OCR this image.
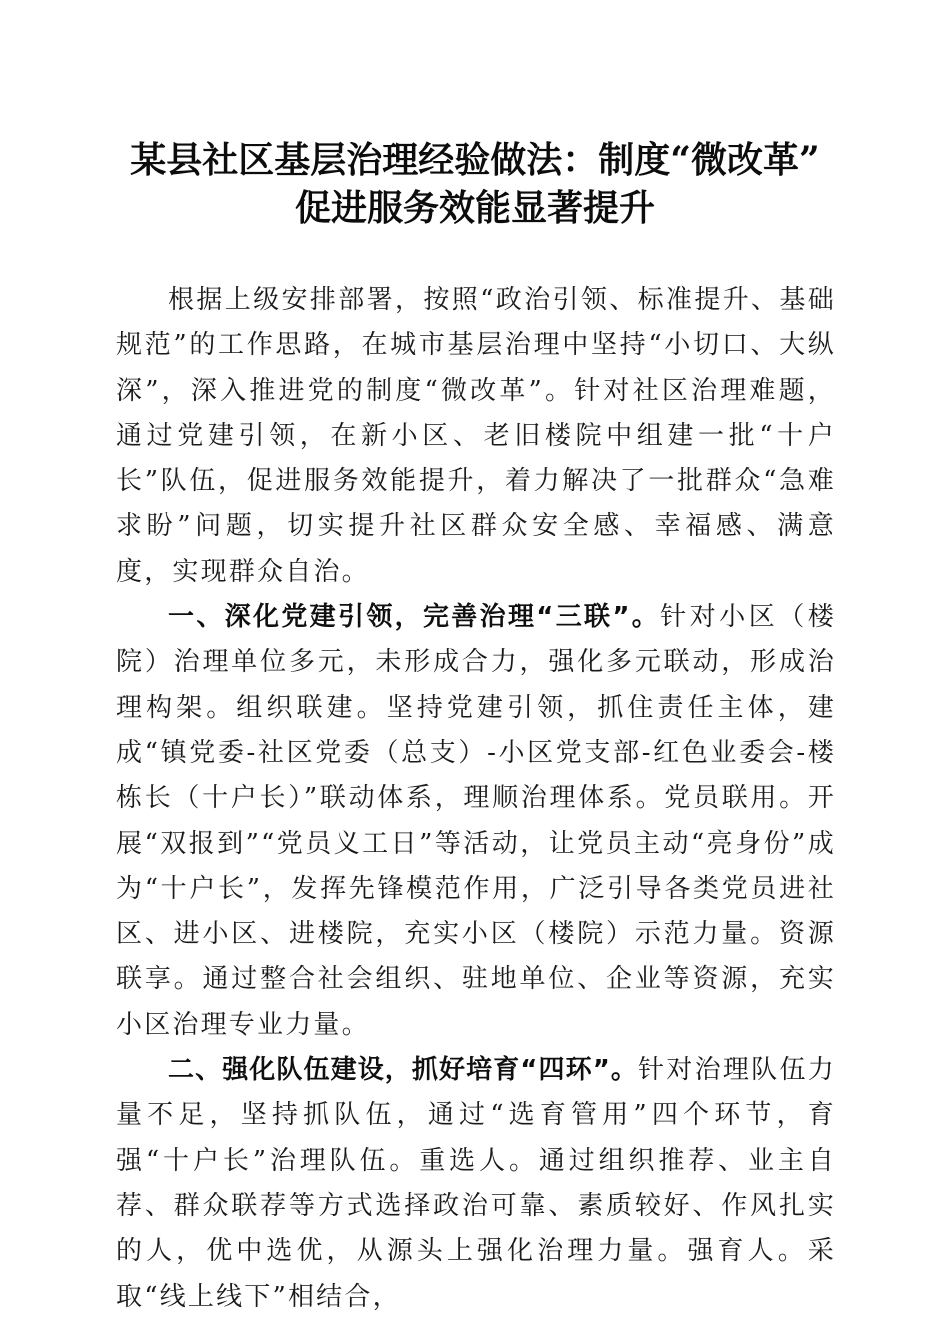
某县社区基层治理经验做法：制度“微改革”
促进服务效能显著提升

根据上级安排部署，按照“政治引领、标准提升、基础规范”的工作思路，在城市基层治理中坚持“小切口、大纵深”，深入推进党的制度“微改革”。针对社区治理难题，通过党建引领，在新小区、老旧楼院中组建一批“十户长”队伍，促进服务效能提升，着力解决了一批群众“急难求盼”问题，切实提升社区群众安全感、幸福感、满意度，实现群众自治。

一、深化党建引领，完善治理“三联”。针对小区（楼院）治理单位多元，未形成合力，强化多元联动，形成治理构架。组织联建。坚持党建引领，抓住责任主体，建成“镇党委-社区党委（总支）-小区党支部-红色业委会-楼栋长（十户长）”联动体系，理顺治理体系。党员联用。开展“双报到”“党员义工日”等活动，让党员主动“亮身份”成为“十户长”，发挥先锋模范作用，广泛引导各类党员进社区、进小区、进楼院，充实小区（楼院）示范力量。资源联享。通过整合社会组织、驻地单位、企业等资源，充实小区治理专业力量。

二、强化队伍建设，抓好培育“四环”。针对治理队伍力量不足，坚持抓队伍，通过“选育管用”四个环节，育强“十户长”治理队伍。重选人。通过组织推荐、业主自荐、群众联荐等方式选择政治可靠、素质较好、作风扎实的人，优中选优，从源头上强化治理力量。强育人。采取“线上线下”相结合，
